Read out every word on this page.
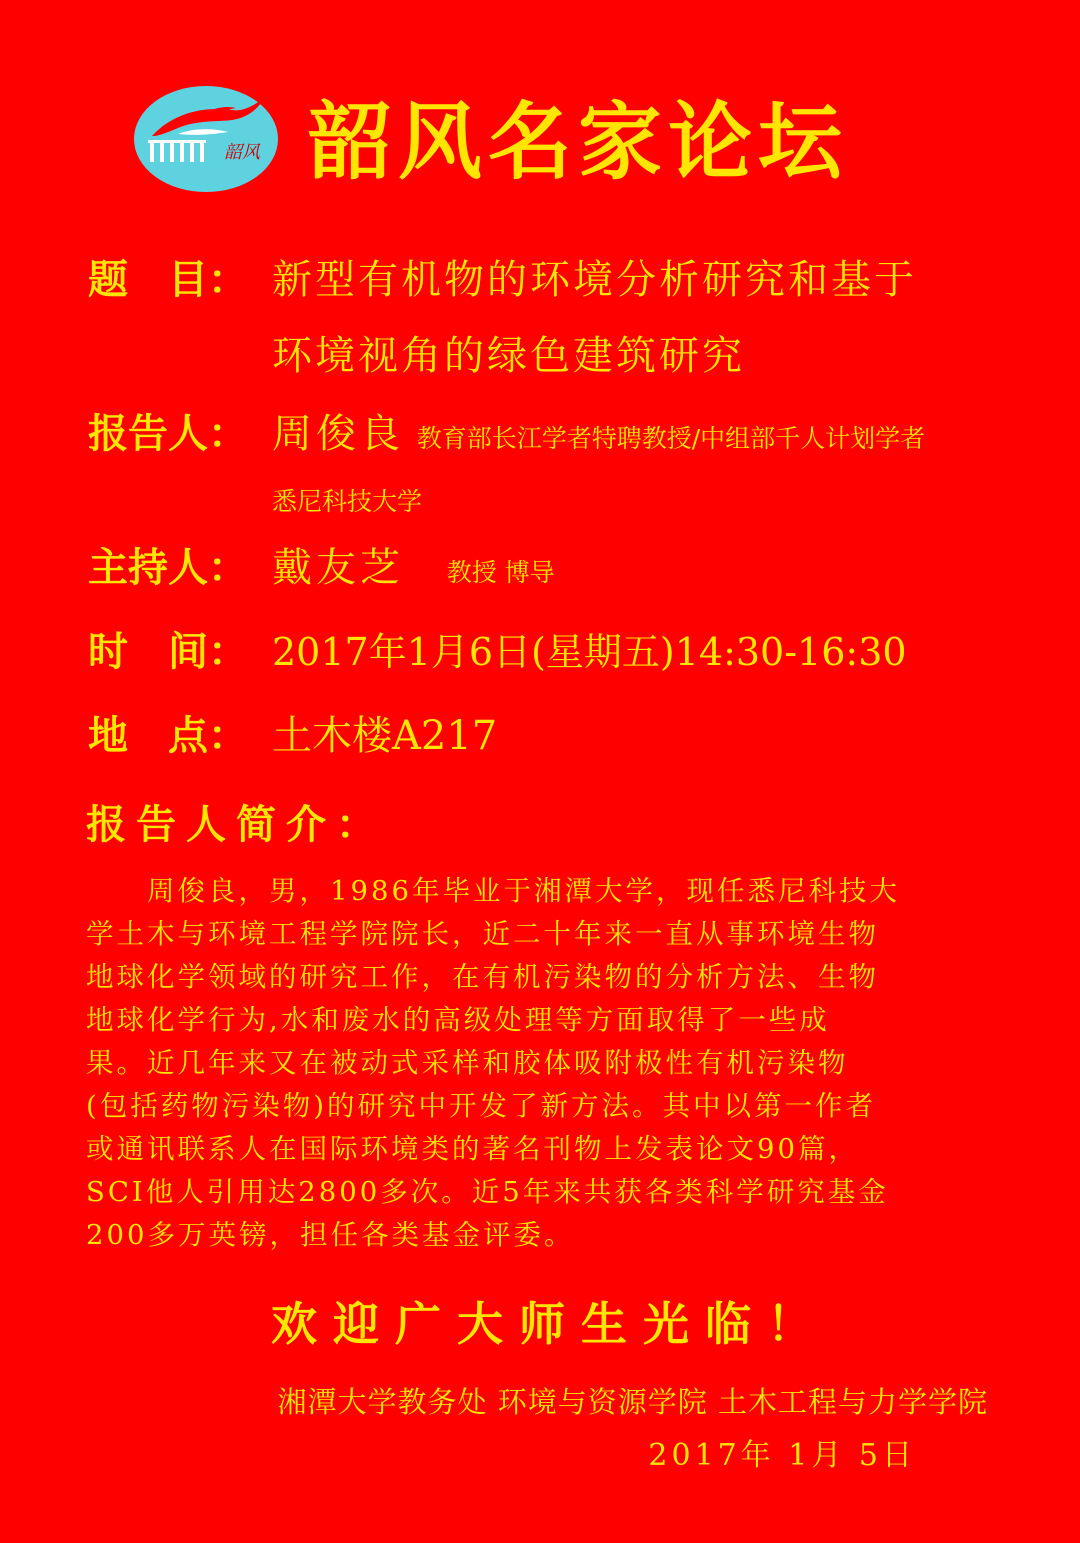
韶风 韶风名家论坛
题　目： 新型有机物的环境分析研究和基于
环境视角的绿色建筑研究
报告人： 周俊良 教育部长江学者特聘教授/中组部千人计划学者
悉尼科技大学
主持人： 戴友芝 教授 博导
时　间： 2017年1月6日(星期五)14:30-16:30
地　点： 土木楼A217
报告人简介：
　　周俊良，男，1986年毕业于湘潭大学，现任悉尼科技大
学土木与环境工程学院院长，近二十年来一直从事环境生物
地球化学领域的研究工作，在有机污染物的分析方法、生物
地球化学行为,水和废水的高级处理等方面取得了一些成
果。近几年来又在被动式采样和胶体吸附极性有机污染物
(包括药物污染物)的研究中开发了新方法。其中以第一作者
或通讯联系人在国际环境类的著名刊物上发表论文90篇，
SCI他人引用达2800多次。近5年来共获各类科学研究基金
200多万英镑，担任各类基金评委。
欢迎广大师生光临！
湘潭大学教务处 环境与资源学院 土木工程与力学学院
2017年 1月 5日
